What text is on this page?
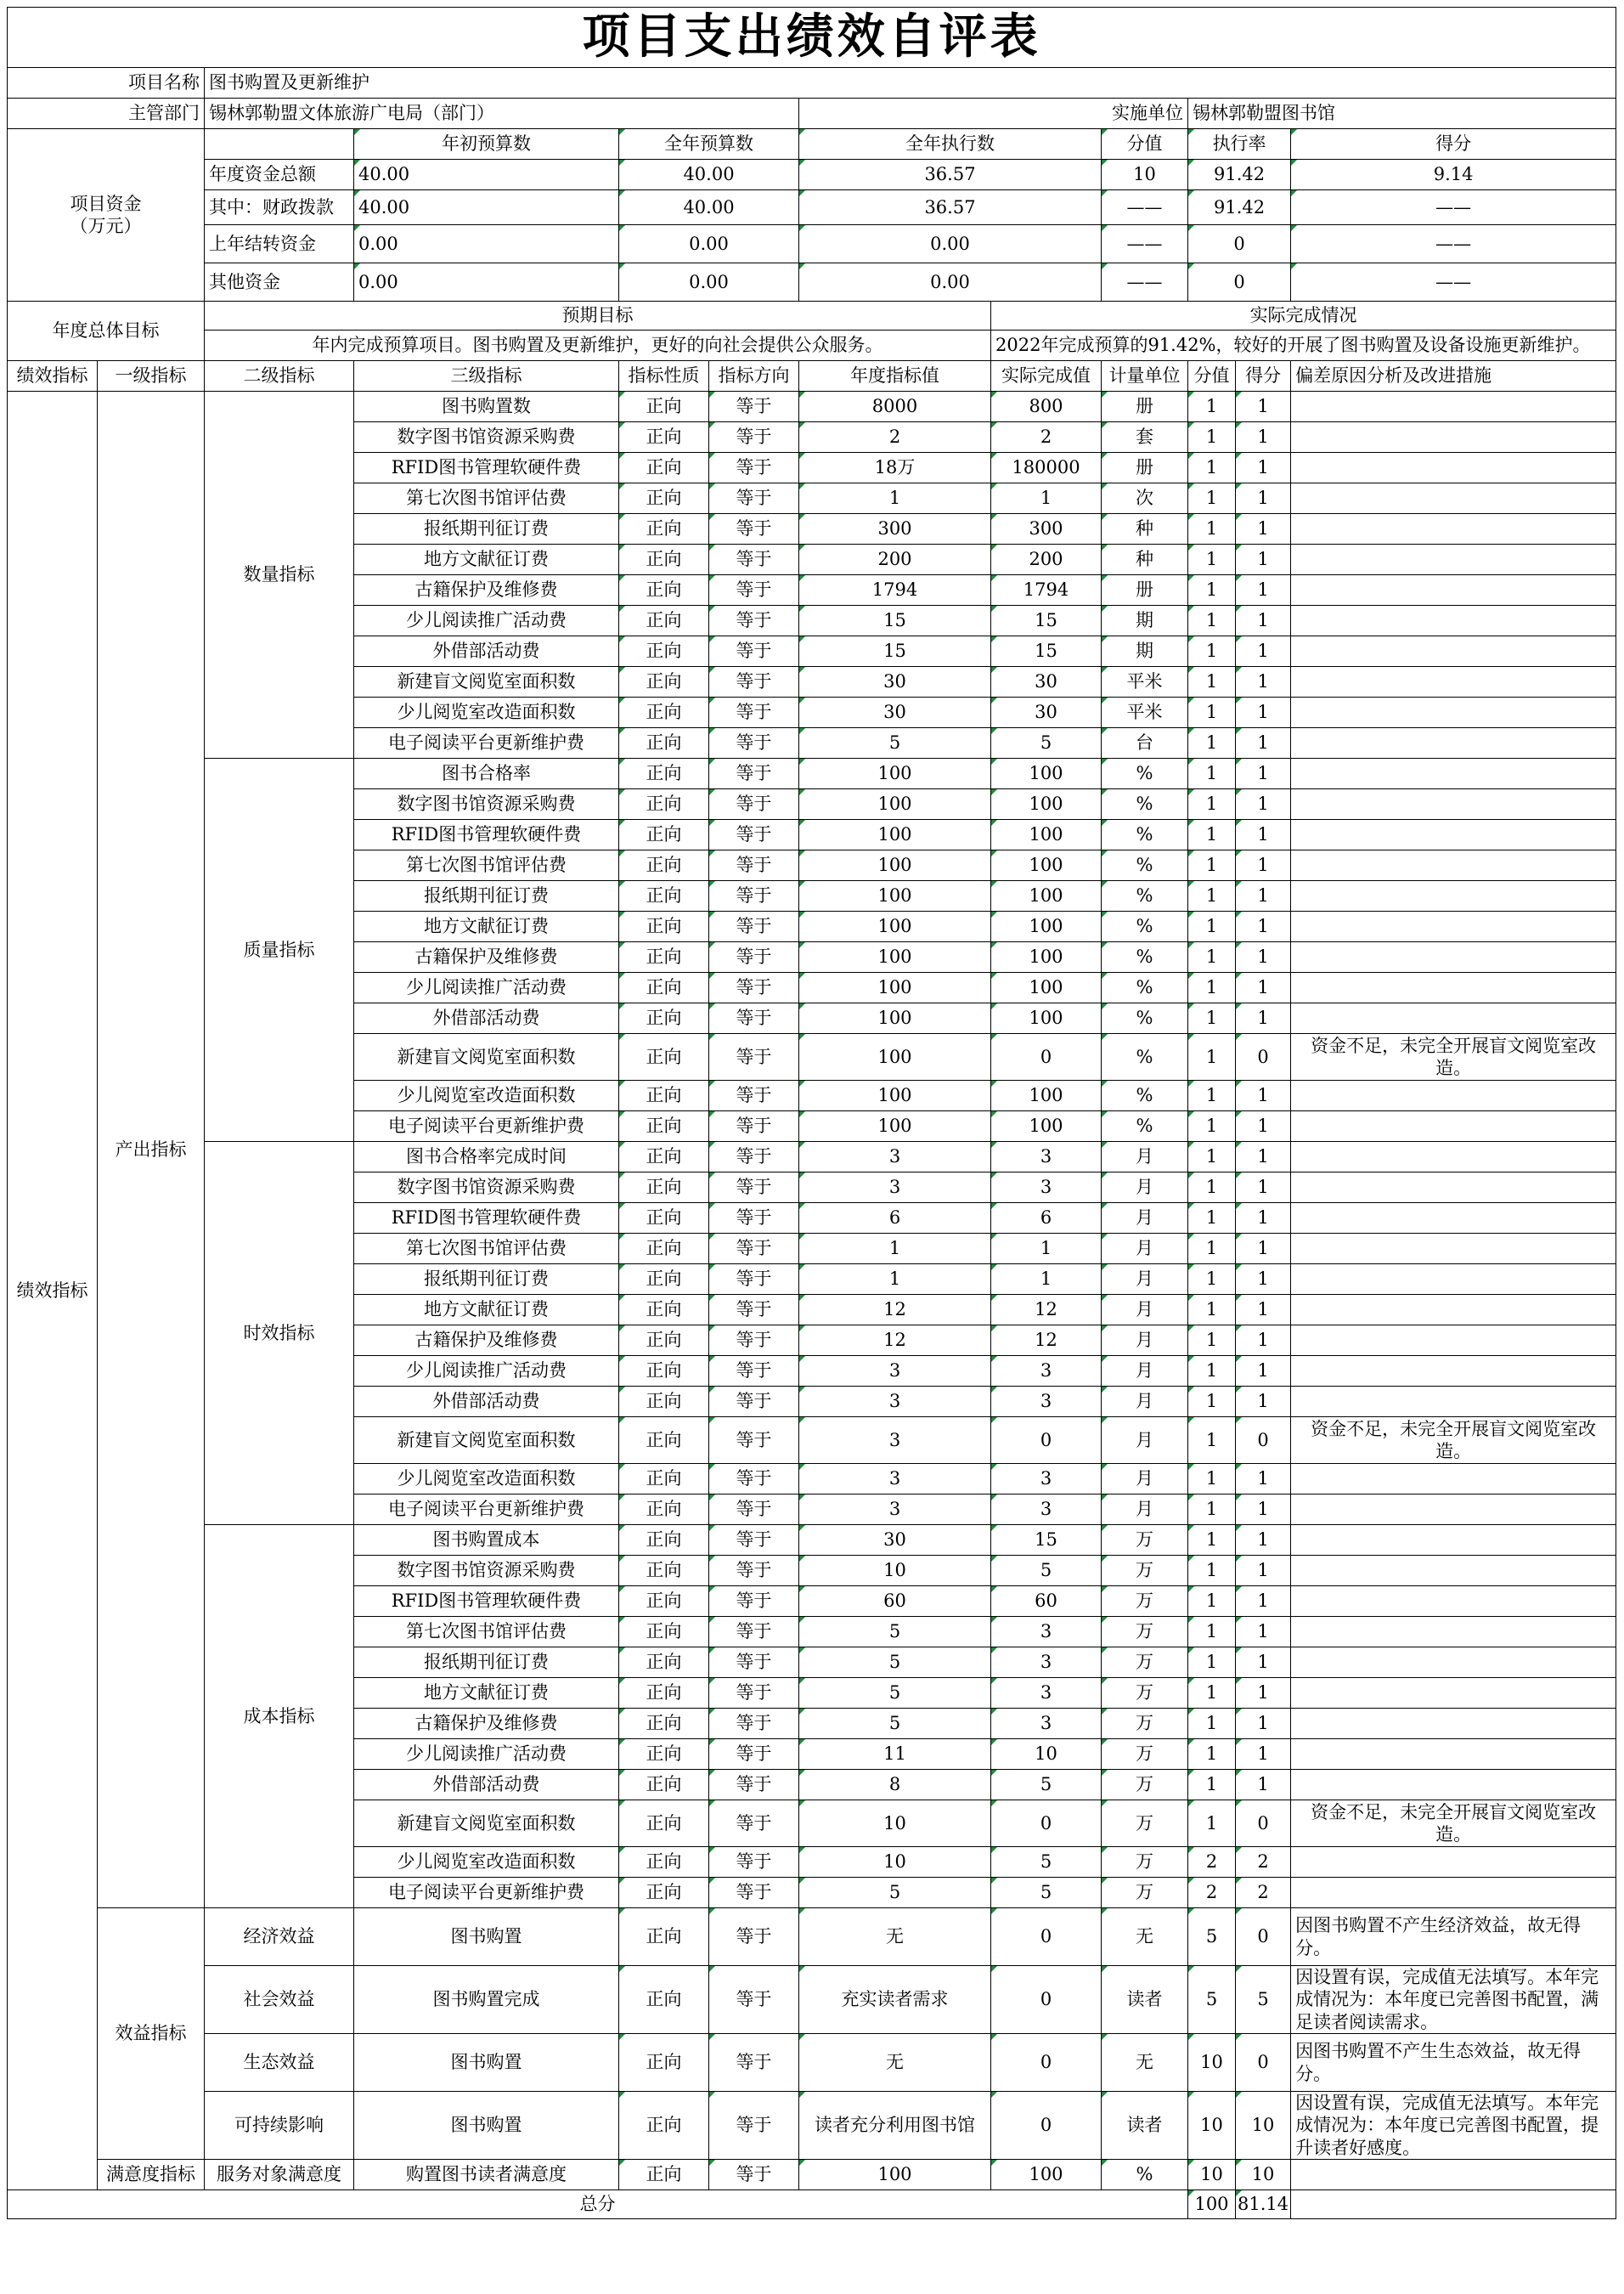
项目支出绩效自评表											
项目名称		图书购置及更新维护									
主管部门		锡林郭勒盟文体旅游广电局（部门）				实施单位			锡林郭勒盟图书馆		

项目资金
（万元）			年初预算数	全年预算数		全年执行数		分值	执行率		得分
		年度资金总额	40.00	40.00		36.57		10	91.42		9.14
		其中：财政拨款	40.00	40.00		36.57		——	91.42		——
		上年结转资金	0.00	0.00		0.00		——	0		——
		其他资金	0.00	0.00		0.00		——	0		——
年度总体目标		预期目标					实际完成情况				
		年内完成预算项目。图书购置及更新维护，更好的向社会提供公众服务。					2022年完成预算的91.42%，较好的开展了图书购置及设备设施更新维护。				
绩效指标	一级指标	二级指标	三级指标	指标性质	指标方向	年度指标值	实际完成值	计量单位	分值	得分	偏差原因分析及改进措施
绩效指标	产出指标	数量指标	图书购置数	正向	等于	8000	800	册	1	1	
			数字图书馆资源采购费	正向	等于	2	2	套	1	1	
			RFID图书管理软硬件费	正向	等于	18万	180000	册	1	1	
			第七次图书馆评估费	正向	等于	1	1	次	1	1	
			报纸期刊征订费	正向	等于	300	300	种	1	1	
			地方文献征订费	正向	等于	200	200	种	1	1	
			古籍保护及维修费	正向	等于	1794	1794	册	1	1	
			少儿阅读推广活动费	正向	等于	15	15	期	1	1	
			外借部活动费	正向	等于	15	15	期	1	1	
			新建盲文阅览室面积数	正向	等于	30	30	平米	1	1	
			少儿阅览室改造面积数	正向	等于	30	30	平米	1	1	
			电子阅读平台更新维护费	正向	等于	5	5	台	1	1	
		质量指标	图书合格率	正向	等于	100	100	%	1	1	
			数字图书馆资源采购费	正向	等于	100	100	%	1	1	
			RFID图书管理软硬件费	正向	等于	100	100	%	1	1	
			第七次图书馆评估费	正向	等于	100	100	%	1	1	
			报纸期刊征订费	正向	等于	100	100	%	1	1	
			地方文献征订费	正向	等于	100	100	%	1	1	
			古籍保护及维修费	正向	等于	100	100	%	1	1	
			少儿阅读推广活动费	正向	等于	100	100	%	1	1	
			外借部活动费	正向	等于	100	100	%	1	1	
			新建盲文阅览室面积数	正向	等于	100	0	%	1	0	资金不足，未完全开展盲文阅览室改造。
			少儿阅览室改造面积数	正向	等于	100	100	%	1	1	
			电子阅读平台更新维护费	正向	等于	100	100	%	1	1	
		时效指标	图书合格率完成时间	正向	等于	3	3	月	1	1	
			数字图书馆资源采购费	正向	等于	3	3	月	1	1	
			RFID图书管理软硬件费	正向	等于	6	6	月	1	1	
			第七次图书馆评估费	正向	等于	1	1	月	1	1	
			报纸期刊征订费	正向	等于	1	1	月	1	1	
			地方文献征订费	正向	等于	12	12	月	1	1	
			古籍保护及维修费	正向	等于	12	12	月	1	1	
			少儿阅读推广活动费	正向	等于	3	3	月	1	1	
			外借部活动费	正向	等于	3	3	月	1	1	
			新建盲文阅览室面积数	正向	等于	3	0	月	1	0	资金不足，未完全开展盲文阅览室改造。
			少儿阅览室改造面积数	正向	等于	3	3	月	1	1	
			电子阅读平台更新维护费	正向	等于	3	3	月	1	1	
		成本指标	图书购置成本	正向	等于	30	15	万	1	1	
			数字图书馆资源采购费	正向	等于	10	5	万	1	1	
			RFID图书管理软硬件费	正向	等于	60	60	万	1	1	
			第七次图书馆评估费	正向	等于	5	3	万	1	1	
			报纸期刊征订费	正向	等于	5	3	万	1	1	
			地方文献征订费	正向	等于	5	3	万	1	1	
			古籍保护及维修费	正向	等于	5	3	万	1	1	
			少儿阅读推广活动费	正向	等于	11	10	万	1	1	
			外借部活动费	正向	等于	8	5	万	1	1	
			新建盲文阅览室面积数	正向	等于	10	0	万	1	0	资金不足，未完全开展盲文阅览室改造。
			少儿阅览室改造面积数	正向	等于	10	5	万	2	2	
			电子阅读平台更新维护费	正向	等于	5	5	万	2	2	
	效益指标	经济效益	图书购置	正向	等于	无	0	无	5	0	因图书购置不产生经济效益，故无得分。
		社会效益	图书购置完成	正向	等于	充实读者需求	0	读者	5	5	因设置有误，完成值无法填写。本年完成情况为：本年度已完善图书配置，满足读者阅读需求。
		生态效益	图书购置	正向	等于	无	0	无	10	0	因图书购置不产生生态效益，故无得分。
		可持续影响	图书购置	正向	等于	读者充分利用图书馆	0	读者	10	10	因设置有误，完成值无法填写。本年完成情况为：本年度已完善图书配置，提升读者好感度。
	满意度指标	服务对象满意度	购置图书读者满意度	正向	等于	100	100	%	10	10	
总分									100	81.14	
